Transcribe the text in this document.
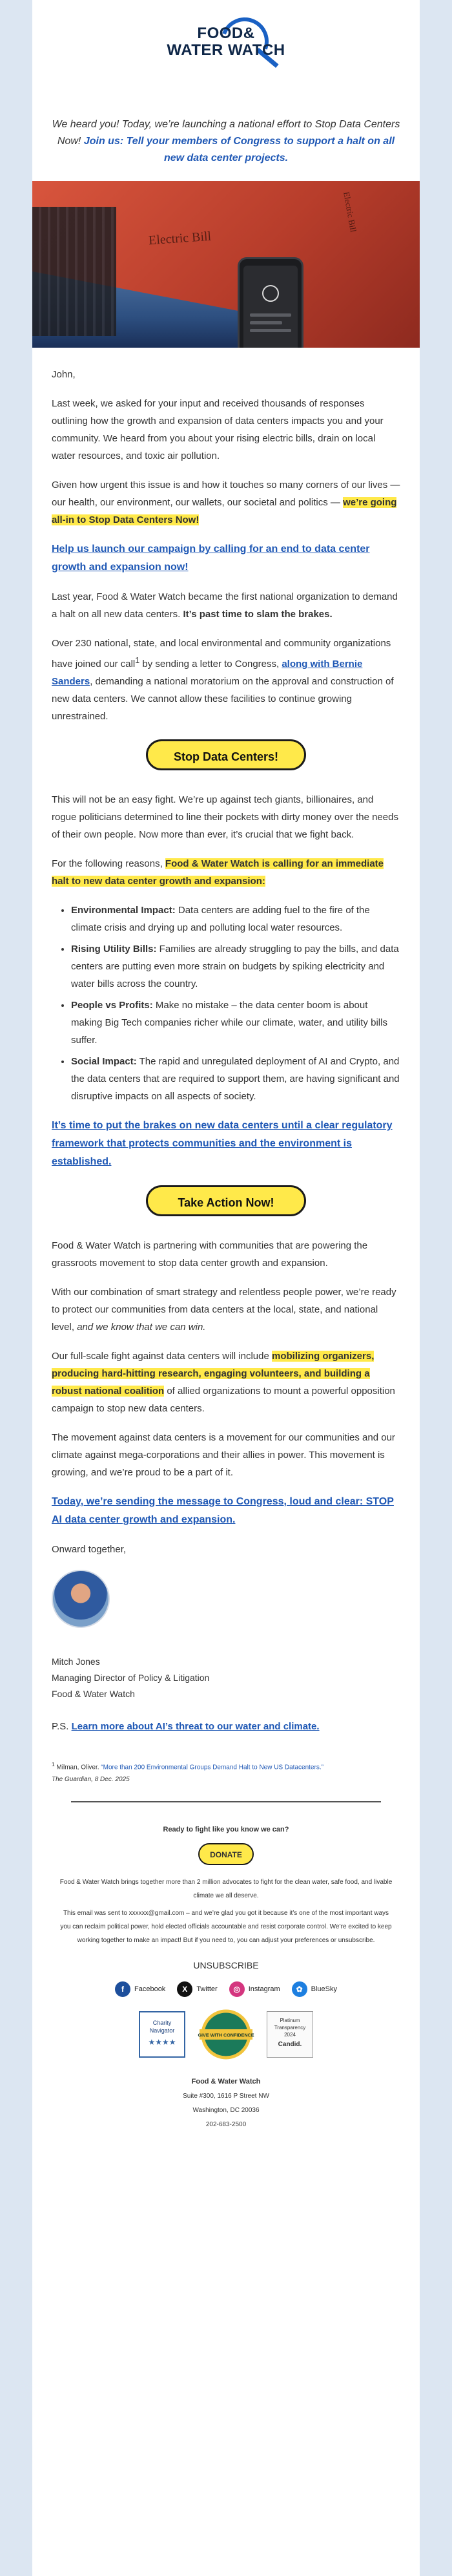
FOOD&
WATER WATCH
We heard you! Today, we’re launching a national effort to Stop Data Centers Now! Join us: Tell your members of Congress to support a halt on all new data center projects.
Electric Bill
Electric Bill

John,

Last week, we asked for your input and received thousands of responses outlining how the growth and expansion of data centers impacts you and your community. We heard from you about your rising electric bills, drain on local water resources, and toxic air pollution.

Given how urgent this issue is and how it touches so many corners of our lives — our health, our environment, our wallets, our societal and politics — we’re going all-in to Stop Data Centers Now!

Help us launch our campaign by calling for an end to data center growth and expansion now!

Last year, Food & Water Watch became the first national organization to demand a halt on all new data centers. It’s past time to slam the brakes.

Over 230 national, state, and local environmental and community organizations have joined our call$^1$ by sending a letter to Congress, along with Bernie Sanders, demanding a national moratorium on the approval and construction of new data centers. We cannot allow these facilities to continue growing unrestrained.

Stop Data Centers!

This will not be an easy fight. We’re up against tech giants, billionaires, and rogue politicians determined to line their pockets with dirty money over the needs of their own people. Now more than ever, it’s crucial that we fight back.

For the following reasons, Food & Water Watch is calling for an immediate halt to new data center growth and expansion:

• Environmental Impact: Data centers are adding fuel to the fire of the climate crisis and drying up and polluting local water resources.
• Rising Utility Bills: Families are already struggling to pay the bills, and data centers are putting even more strain on budgets by spiking electricity and water bills across the country.
• People vs Profits: Make no mistake – the data center boom is about making Big Tech companies richer while our climate, water, and utility bills suffer.
• Social Impact: The rapid and unregulated deployment of AI and Crypto, and the data centers that are required to support them, are having significant and disruptive impacts on all aspects of society.

It’s time to put the brakes on new data centers until a clear regulatory framework that protects communities and the environment is established.

Take Action Now!

Food & Water Watch is partnering with communities that are powering the grassroots movement to stop data center growth and expansion.

With our combination of smart strategy and relentless people power, we’re ready to protect our communities from data centers at the local, state, and national level, and we know that we can win.

Our full-scale fight against data centers will include mobilizing organizers, producing hard-hitting research, engaging volunteers, and building a robust national coalition of allied organizations to mount a powerful opposition campaign to stop new data centers.

The movement against data centers is a movement for our communities and our climate against mega-corporations and their allies in power. This movement is growing, and we’re proud to be a part of it.

Today, we’re sending the message to Congress, loud and clear: STOP AI data center growth and expansion.

Onward together,

Mitch Jones
Managing Director of Policy & Litigation
Food & Water Watch

P.S. Learn more about AI’s threat to our water and climate.

$^1$ Milman, Oliver. “More than 200 Environmental Groups Demand Halt to New US Datacenters.”
The Guardian, 8 Dec. 2025
Ready to fight like you know we can?
DONATE
Food & Water Watch brings together more than 2 million advocates to fight for the clean water, safe food, and livable climate we all deserve.
This email was sent to xxxxxx@gmail.com – and we’re glad you got it because it’s one of the most important ways you can reclaim political power, hold elected officials accountable and resist corporate control. We’re excited to keep working together to make an impact! But if you need to, you can adjust your preferences or unsubscribe.
UNSUBSCRIBE
f	Facebook	X	Twitter	◎	Instagram	✿	BlueSky
Charity Navigator
★★★★
GIVE WITH CONFIDENCE
Platinum
Transparency
2024
Candid.
Food & Water Watch
Suite #300, 1616 P Street NW
Washington, DC 20036
202-683-2500
